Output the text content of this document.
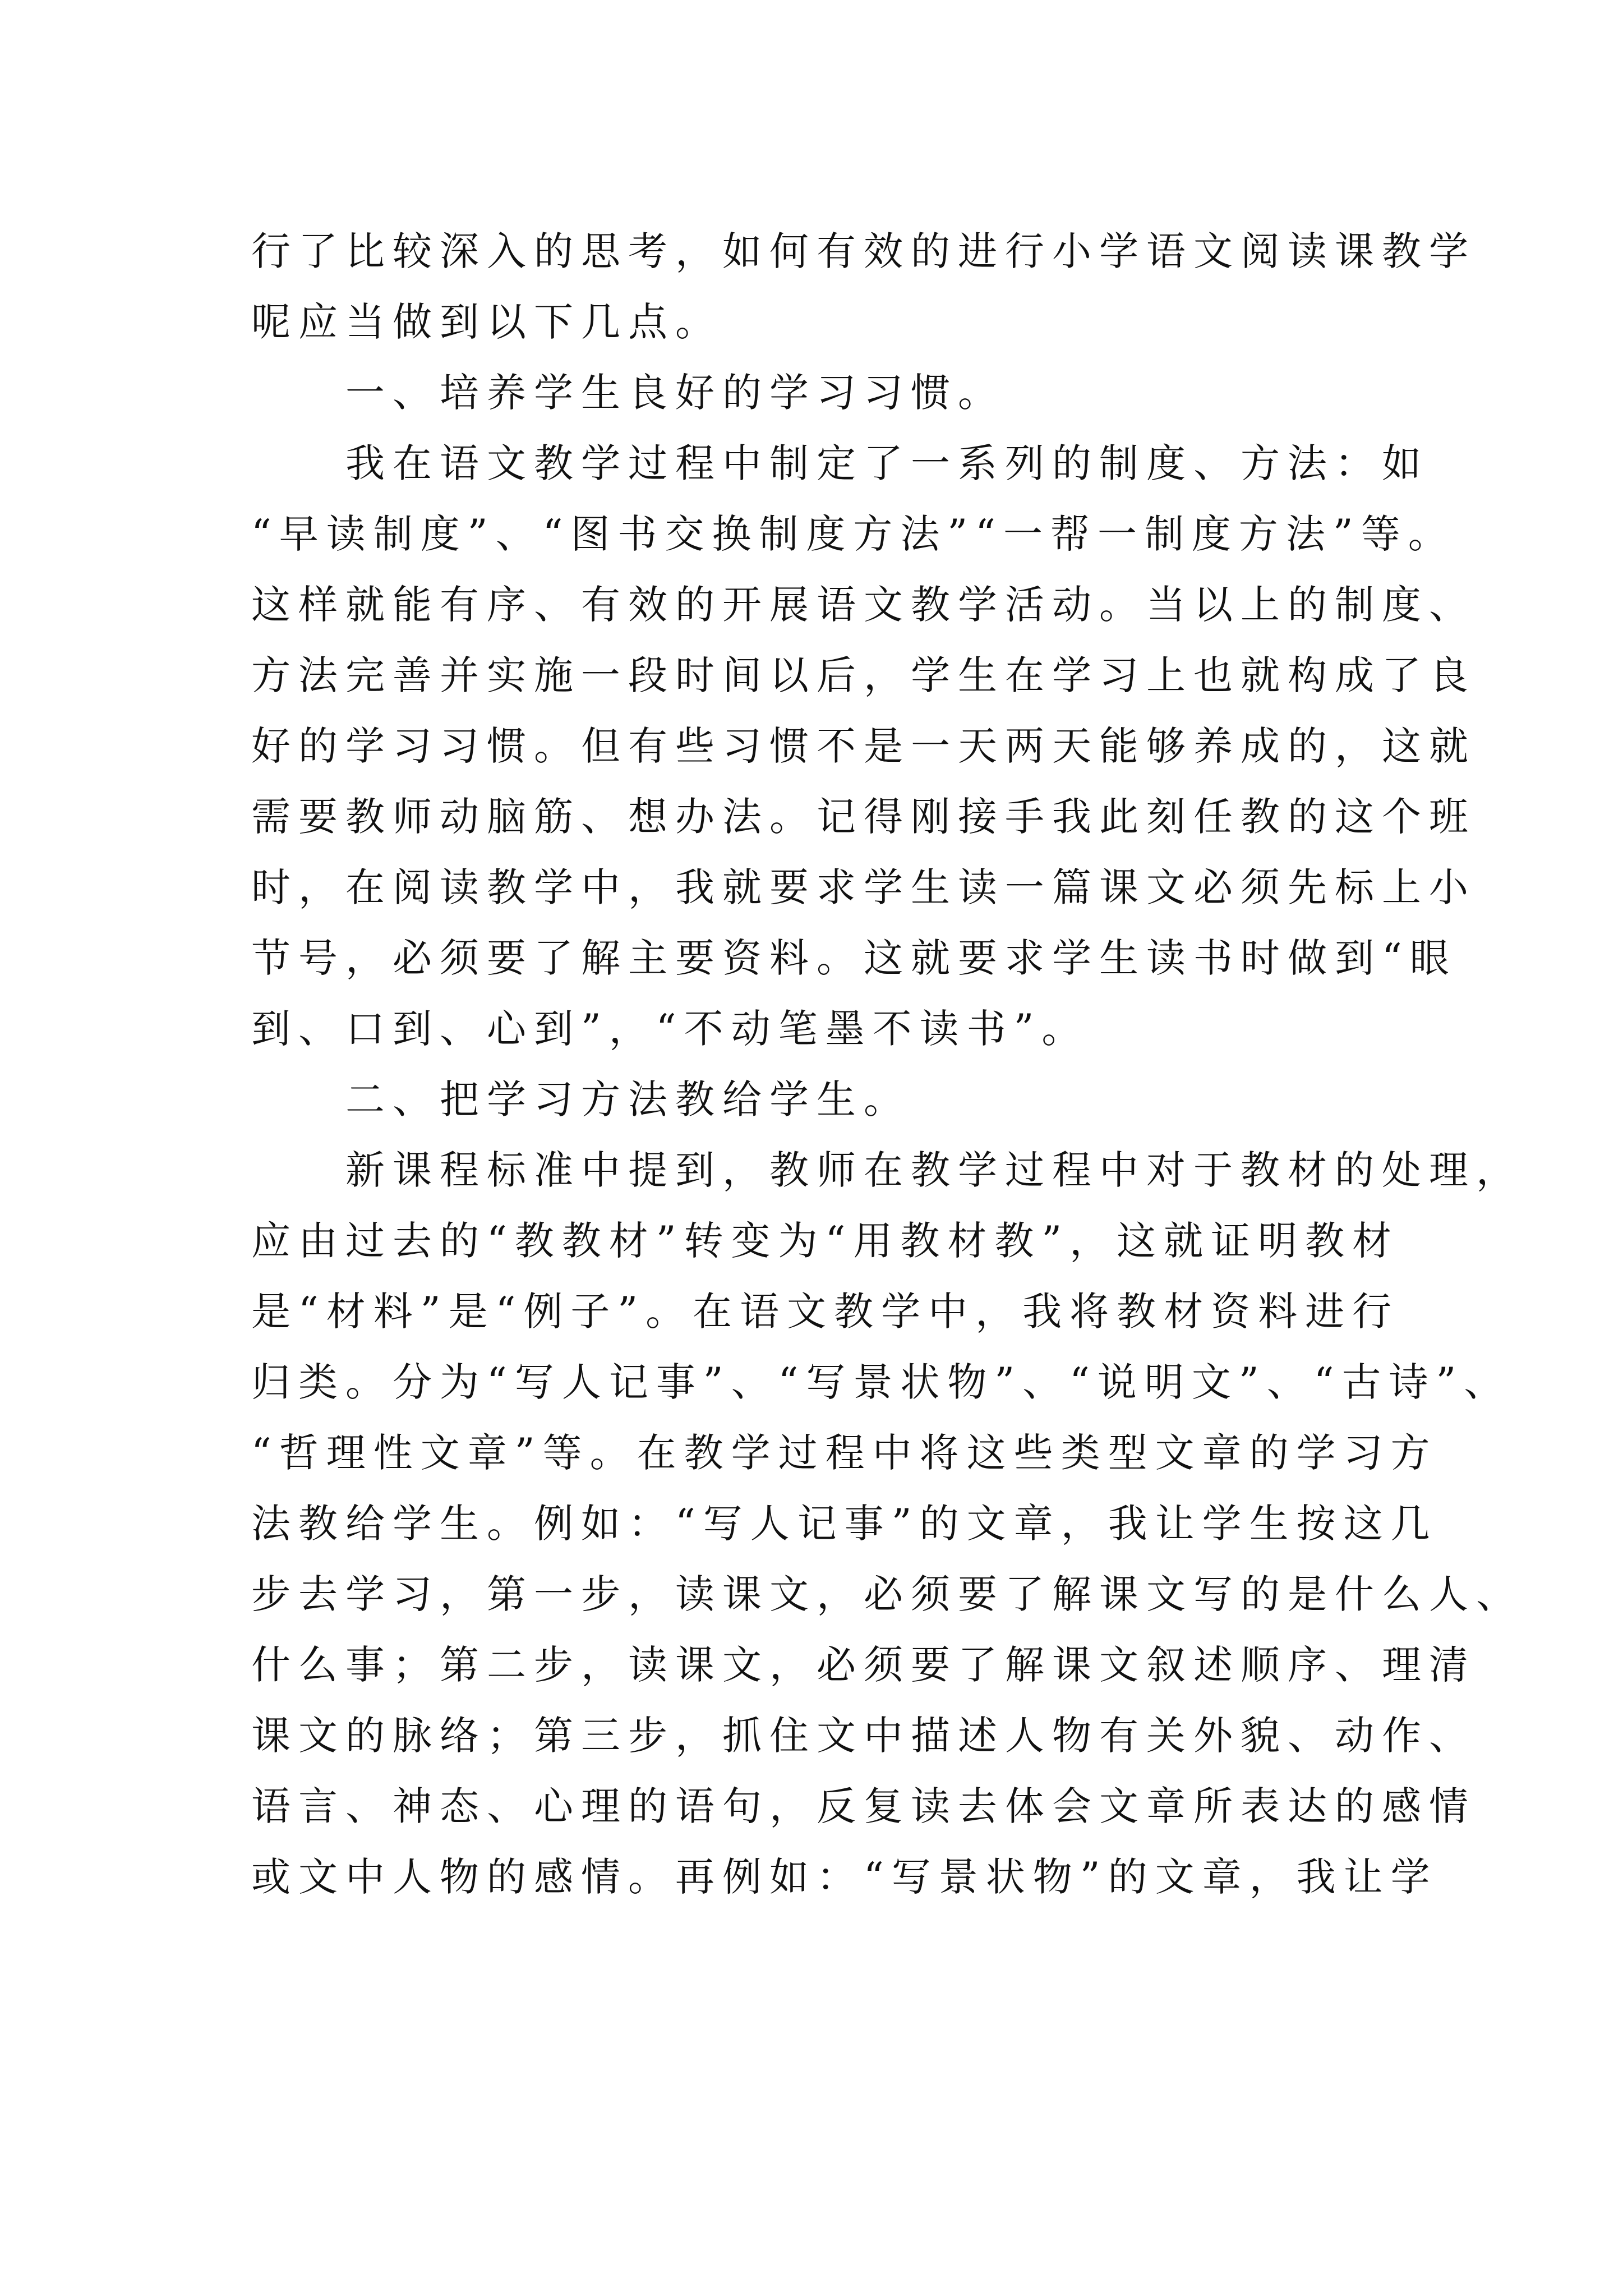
行了比较深入的思考，如何有效的进行小学语文阅读课教学
呢应当做到以下几点。
　　一、培养学生良好的学习习惯。
　　我在语文教学过程中制定了一系列的制度、方法：如
“早读制度”、“图书交换制度方法”“一帮一制度方法”等。
这样就能有序、有效的开展语文教学活动。当以上的制度、
方法完善并实施一段时间以后，学生在学习上也就构成了良
好的学习习惯。但有些习惯不是一天两天能够养成的，这就
需要教师动脑筋、想办法。记得刚接手我此刻任教的这个班
时，在阅读教学中，我就要求学生读一篇课文必须先标上小
节号，必须要了解主要资料。这就要求学生读书时做到“眼
到、口到、心到”，“不动笔墨不读书”。
　　二、把学习方法教给学生。
　　新课程标准中提到，教师在教学过程中对于教材的处理，
应由过去的“教教材”转变为“用教材教”，这就证明教材
是“材料”是“例子”。在语文教学中，我将教材资料进行
归类。分为“写人记事”、“写景状物”、“说明文”、“古诗”、
“哲理性文章”等。在教学过程中将这些类型文章的学习方
法教给学生。例如：“写人记事”的文章，我让学生按这几
步去学习，第一步，读课文，必须要了解课文写的是什么人、
什么事；第二步，读课文，必须要了解课文叙述顺序、理清
课文的脉络；第三步，抓住文中描述人物有关外貌、动作、
语言、神态、心理的语句，反复读去体会文章所表达的感情
或文中人物的感情。再例如：“写景状物”的文章，我让学
